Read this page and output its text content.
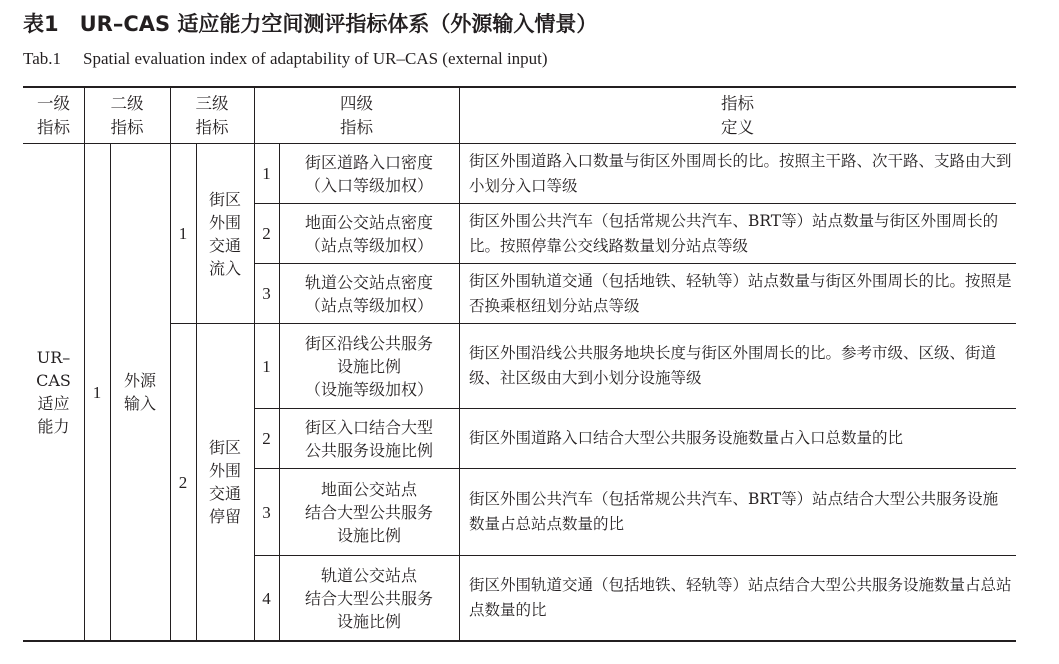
表1　UR–CAS 适应能力空间测评指标体系（外源输入情景）
Tab.1 Spatial evaluation index of adaptability of UR–CAS (external input)
一级
指标
二级
指标
三级
指标
四级
指标
指标
定义
UR–
CAS
适应
能力
1
外源
输入
1
街区
外围
交通
流入
2
街区
外围
交通
停留
1
街区道路入口密度
（入口等级加权）
街区外围道路入口数量与街区外围周长的比。按照主干路、次干路、支路由大到小划分入口等级
2
地面公交站点密度
（站点等级加权）
街区外围公共汽车（包括常规公共汽车、BRT等）站点数量与街区外围周长的比。按照停靠公交线路数量划分站点等级
3
轨道公交站点密度
（站点等级加权）
街区外围轨道交通（包括地铁、轻轨等）站点数量与街区外围周长的比。按照是否换乘枢纽划分站点等级
1
街区沿线公共服务
设施比例
（设施等级加权）
街区外围沿线公共服务地块长度与街区外围周长的比。参考市级、区级、街道级、社区级由大到小划分设施等级
2
街区入口结合大型
公共服务设施比例
街区外围道路入口结合大型公共服务设施数量占入口总数量的比
3
地面公交站点
结合大型公共服务
设施比例
街区外围公共汽车（包括常规公共汽车、BRT等）站点结合大型公共服务设施数量占总站点数量的比
4
轨道公交站点
结合大型公共服务
设施比例
街区外围轨道交通（包括地铁、轻轨等）站点结合大型公共服务设施数量占总站点数量的比
